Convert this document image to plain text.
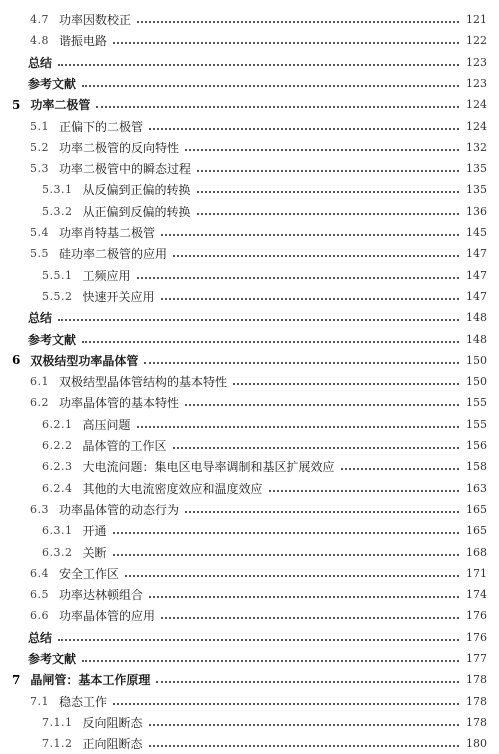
4.7 功率因数校正	121
4.8 谐振电路	122
总结	123
参考文献	123
5 功率二极管	124
5.1 正偏下的二极管	124
5.2 功率二极管的反向特性	132
5.3 功率二极管中的瞬态过程	135
5.3.1 从反偏到正偏的转换	135
5.3.2 从正偏到反偏的转换	136
5.4 功率肖特基二极管	145
5.5 硅功率二极管的应用	147
5.5.1 工频应用	147
5.5.2 快速开关应用	147
总结	148
参考文献	148
6 双极结型功率晶体管	150
6.1 双极结型晶体管结构的基本特性	150
6.2 功率晶体管的基本特性	155
6.2.1 高压问题	155
6.2.2 晶体管的工作区	156
6.2.3 大电流问题：集电区电导率调制和基区扩展效应	158
6.2.4 其他的大电流密度效应和温度效应	163
6.3 功率晶体管的动态行为	165
6.3.1 开通	165
6.3.2 关断	168
6.4 安全工作区	171
6.5 功率达林顿组合	174
6.6 功率晶体管的应用	176
总结	176
参考文献	177
7 晶闸管：基本工作原理	178
7.1 稳态工作	178
7.1.1 反向阻断态	178
7.1.2 正向阻断态	180
